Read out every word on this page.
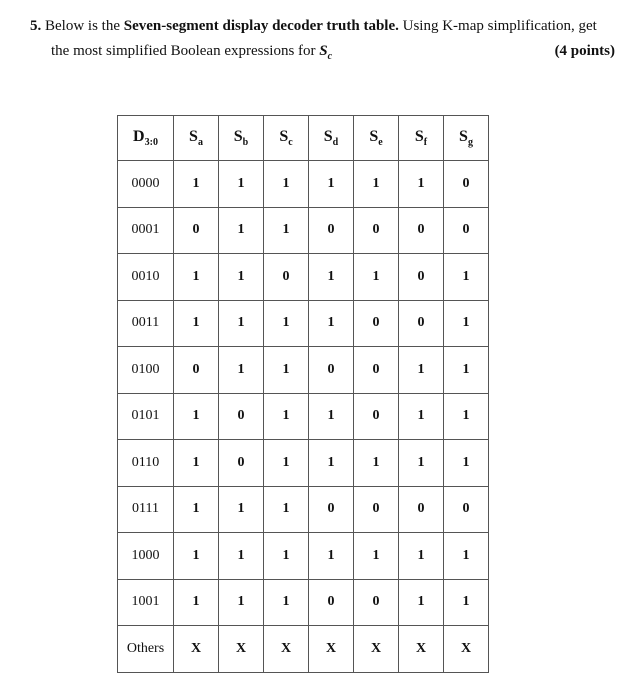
5. Below is the Seven-segment display decoder truth table. Using K-map simplification, get
the most simplified Boolean expressions for $S_c$	(4 points)
$D_{3:0}$	$S_a$	$S_b$	$S_c$	$S_d$	$S_e$	$S_f$	$S_g$
0000	1	1	1	1	1	1	0
0001	0	1	1	0	0	0	0
0010	1	1	0	1	1	0	1
0011	1	1	1	1	0	0	1
0100	0	1	1	0	0	1	1
0101	1	0	1	1	0	1	1
0110	1	0	1	1	1	1	1
0111	1	1	1	0	0	0	0
1000	1	1	1	1	1	1	1
1001	1	1	1	0	0	1	1
Others	X	X	X	X	X	X	X
